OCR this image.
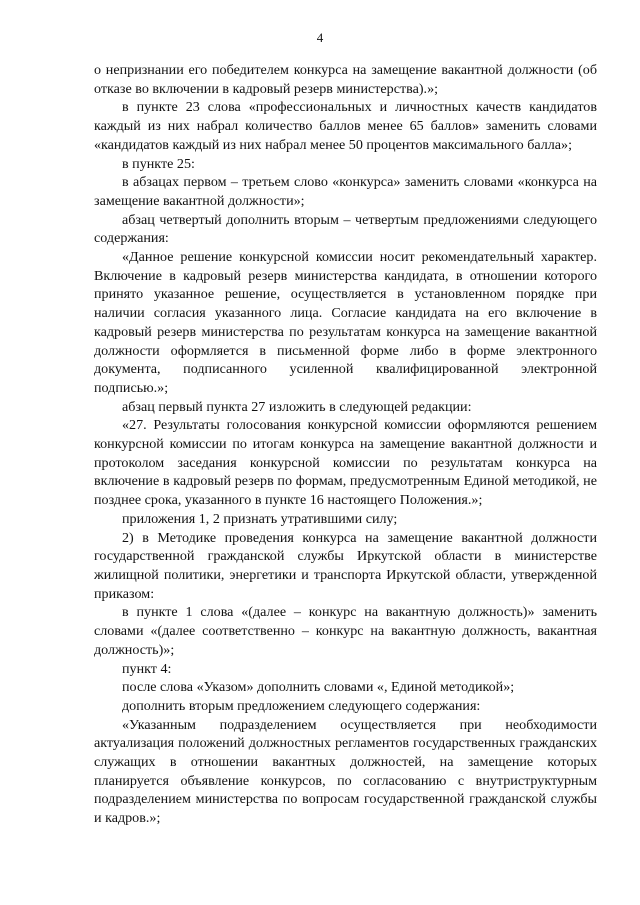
4

о непризнании его победителем конкурса на замещение вакантной должности (об отказе во включении в кадровый резерв министерства).»;

в пункте 23 слова «профессиональных и личностных качеств кандидатов каждый из них набрал количество баллов менее 65 баллов» заменить словами «кандидатов каждый из них набрал менее 50 процентов максимального балла»;

в пункте 25:

в абзацах первом – третьем слово «конкурса» заменить словами «конкурса на замещение вакантной должности»;

абзац четвертый дополнить вторым – четвертым предложениями следующего содержания:

«Данное решение конкурсной комиссии носит рекомендательный характер. Включение в кадровый резерв министерства кандидата, в отношении которого принято указанное решение, осуществляется в установленном порядке при наличии согласия указанного лица. Согласие кандидата на его включение в кадровый резерв министерства по результатам конкурса на замещение вакантной должности оформляется в письменной форме либо в форме электронного документа, подписанного усиленной квалифицированной электронной подписью.»;

абзац первый пункта 27 изложить в следующей редакции:

«27. Результаты голосования конкурсной комиссии оформляются решением конкурсной комиссии по итогам конкурса на замещение вакантной должности и протоколом заседания конкурсной комиссии по результатам конкурса на включение в кадровый резерв по формам, предусмотренным Единой методикой, не позднее срока, указанного в пункте 16 настоящего Положения.»;

приложения 1, 2 признать утратившими силу;

2) в Методике проведения конкурса на замещение вакантной должности государственной гражданской службы Иркутской области в министерстве жилищной политики, энергетики и транспорта Иркутской области, утвержденной приказом:

в пункте 1 слова «(далее – конкурс на вакантную должность)» заменить словами «(далее соответственно – конкурс на вакантную должность, вакантная должность)»;

пункт 4:

после слова «Указом» дополнить словами «, Единой методикой»;

дополнить вторым предложением следующего содержания:

«Указанным подразделением осуществляется при необходимости актуализация положений должностных регламентов государственных гражданских служащих в отношении вакантных должностей, на замещение которых планируется объявление конкурсов, по согласованию с внутриструктурным подразделением министерства по вопросам государственной гражданской службы и кадров.»;
